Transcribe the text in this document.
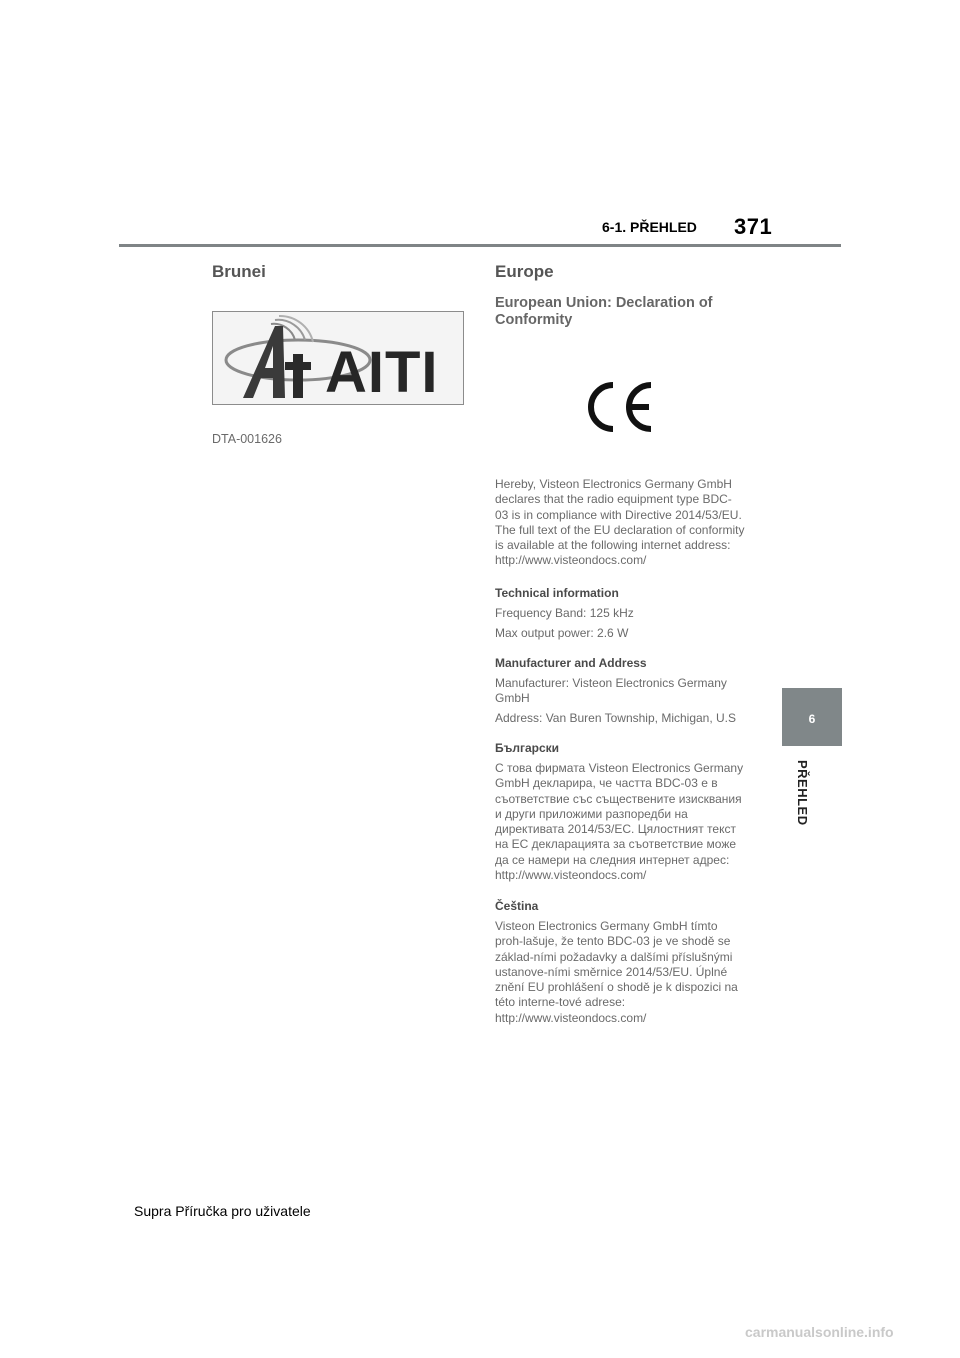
6-1. PŘEHLED 371
Brunei
AITI
DTA-001626
Europe
European Union: Declaration of Conformity

Hereby, Visteon Electronics Germany GmbH declares that the radio equipment type BDC-03 is in compliance with Directive 2014/53/EU. The full text of the EU declaration of conformity is available at the following internet address: http://www.visteondocs.com/

Technical information

Frequency Band: 125 kHz

Max output power: 2.6 W

Manufacturer and Address

Manufacturer: Visteon Electronics Germany GmbH

Address: Van Buren Township, Michigan, U.S

Български

С това фирмата Visteon Electronics Germany GmbH декларира, че частта BDC-03 е в съответствие със съществените изисквания и други приложими разпоредби на директивата 2014/53/EC. Цялостният текст на ЕС декларацията за съответствие може да се намери на следния интернет адрес: http://www.visteondocs.com/

Čeština

Visteon Electronics Germany GmbH tímto proh-lašuje, že tento BDC-03 je ve shodě se základ-ními požadavky a dalšími příslušnými ustanove-ními směrnice 2014/53/EU. Úplné znění EU prohlášení o shodě je k dispozici na této interne-tové adrese: http://www.visteondocs.com/

6
PŘEHLED
Supra Příručka pro uživatele
carmanualsonline.info
